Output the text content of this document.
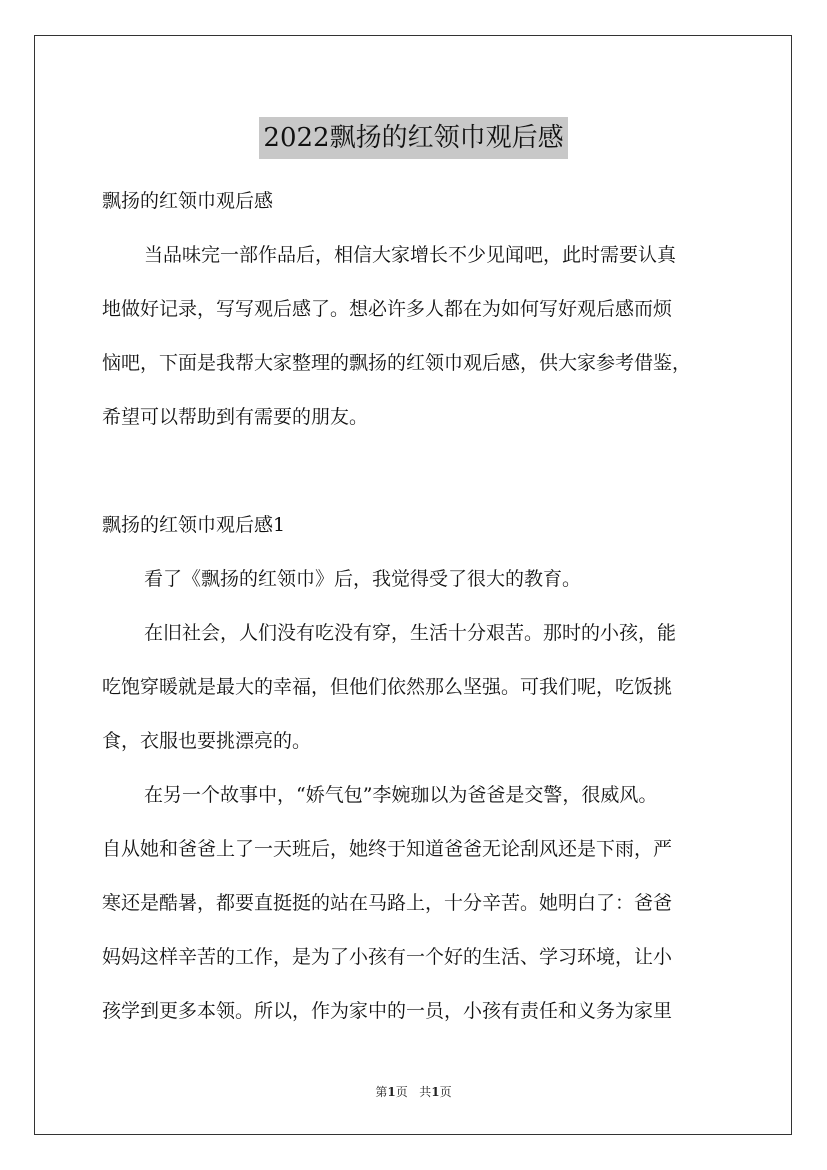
2022飘扬的红领巾观后感

飘扬的红领巾观后感

当品味完一部作品后，相信大家增长不少见闻吧，此时需要认真

地做好记录，写写观后感了。想必许多人都在为如何写好观后感而烦

恼吧，下面是我帮大家整理的飘扬的红领巾观后感，供大家参考借鉴，

希望可以帮助到有需要的朋友。

飘扬的红领巾观后感1

看了《飘扬的红领巾》后，我觉得受了很大的教育。

在旧社会，人们没有吃没有穿，生活十分艰苦。那时的小孩，能

吃饱穿暖就是最大的幸福，但他们依然那么坚强。可我们呢，吃饭挑

食，衣服也要挑漂亮的。

在另一个故事中，“娇气包”李婉珈以为爸爸是交警，很威风。

自从她和爸爸上了一天班后，她终于知道爸爸无论刮风还是下雨，严

寒还是酷暑，都要直挺挺的站在马路上，十分辛苦。她明白了：爸爸

妈妈这样辛苦的工作，是为了小孩有一个好的生活、学习环境，让小

孩学到更多本领。所以，作为家中的一员，小孩有责任和义务为家里

第1页 共1页
